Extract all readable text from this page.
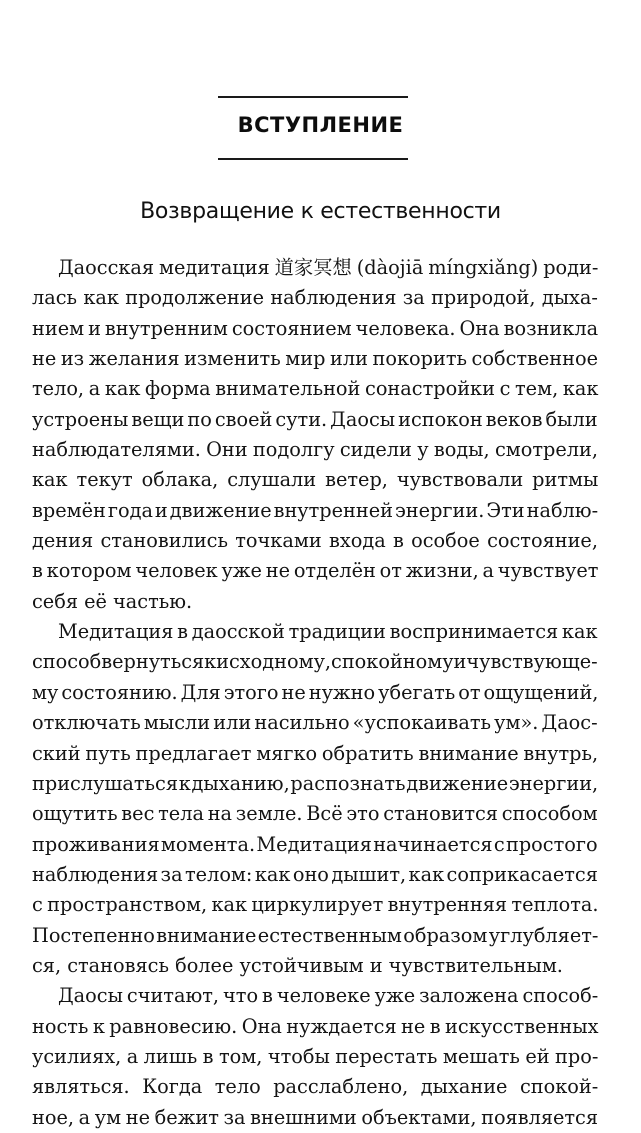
ВСТУПЛЕНИЕ
Возвращение к естественности
Даосская медитация 道家冥想 (dàojiā míngxiǎng) роди-
лась как продолжение наблюдения за природой, дыха-
нием и внутренним состоянием человека. Она возникла
не из желания изменить мир или покорить собственное
тело, а как форма внимательной сонастройки с тем, как
устроены вещи по своей сути. Даосы испокон веков были
наблюдателями. Они подолгу сидели у воды, смотрели,
как текут облака, слушали ветер, чувствовали ритмы
времён года и движение внутренней энергии. Эти наблю-
дения становились точками входа в особое состояние,
в котором человек уже не отделён от жизни, а чувствует
себя её частью.
Медитация в даосской традиции воспринимается как
способ вернуться к исходному, спокойному и чувствующе-
му состоянию. Для этого не нужно убегать от ощущений,
отключать мысли или насильно «успокаивать ум». Даос-
ский путь предлагает мягко обратить внимание внутрь,
прислушаться к дыханию, распознать движение энергии,
ощутить вес тела на земле. Всё это становится способом
проживания момента. Медитация начинается с простого
наблюдения за телом: как оно дышит, как соприкасается
с пространством, как циркулирует внутренняя теплота.
Постепенно внимание естественным образом углубляет-
ся, становясь более устойчивым и чувствительным.
Даосы считают, что в человеке уже заложена способ-
ность к равновесию. Она нуждается не в искусственных
усилиях, а лишь в том, чтобы перестать мешать ей про-
являться. Когда тело расслаблено, дыхание спокой-
ное, а ум не бежит за внешними объектами, появляется
